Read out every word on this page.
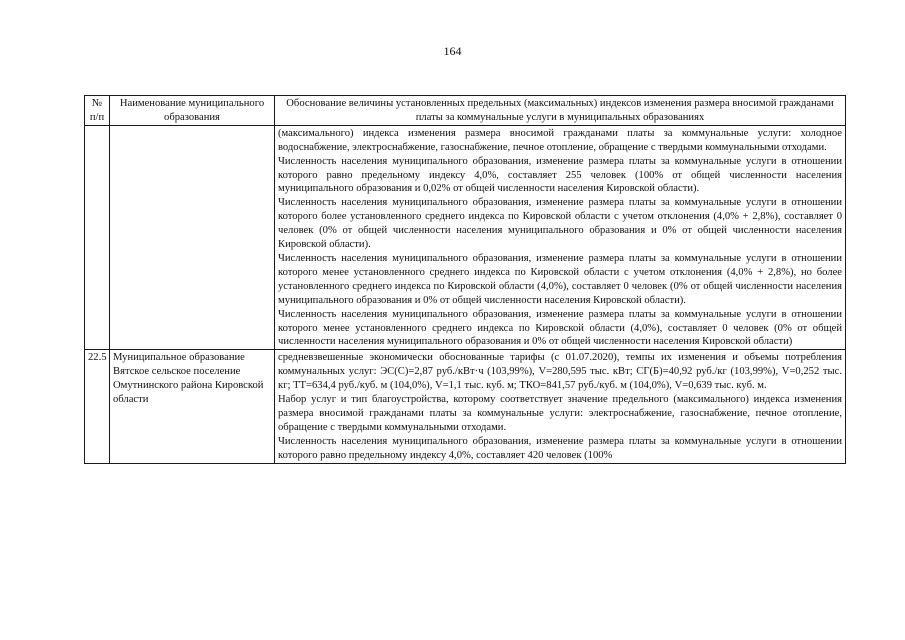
164
№ п/п	Наименование муниципального образования	Обоснование величины установленных предельных (максимальных) индексов изменения размера вносимой гражданами платы за коммунальные услуги в муниципальных образованиях

		(максимального) индекса изменения размера вносимой гражданами платы за коммунальные услуги: холодное водоснабжение, электроснабжение, газоснабжение, печное отопление, обращение с твердыми коммунальными отходами.

Численность населения муниципального образования, изменение размера платы за коммунальные услуги в отношении которого равно предельному индексу 4,0%, составляет 255 человек (100% от общей численности населения муниципального образования и 0,02% от общей численности населения Кировской области).

Численность населения муниципального образования, изменение размера платы за коммунальные услуги в отношении которого более установленного среднего индекса по Кировской области с учетом отклонения (4,0% + 2,8%), составляет 0 человек (0% от общей численности населения муниципального образования и 0% от общей численности населения Кировской области).

Численность населения муниципального образования, изменение размера платы за коммунальные услуги в отношении которого менее установленного среднего индекса по Кировской области с учетом отклонения (4,0% + 2,8%), но более установленного среднего индекса по Кировской области (4,0%), составляет 0 человек (0% от общей численности населения муниципального образования и 0% от общей численности населения Кировской области).

Численность населения муниципального образования, изменение размера платы за коммунальные услуги в отношении которого менее установленного среднего индекса по Кировской области (4,0%), составляет 0 человек (0% от общей численности населения муниципального образования и 0% от общей численности населения Кировской области)

22.5	Муниципальное образование Вятское сельское поселение Омутнинского района Кировской области	средневзвешенные экономически обоснованные тарифы (с 01.07.2020), темпы их изменения и объемы потребления коммунальных услуг: ЭС(С)=2,87 руб./кВт·ч (103,99%), V=280,595 тыс. кВт; СГ(Б)=40,92 руб./кг (103,99%), V=0,252 тыс. кг; ТТ=634,4 руб./куб. м (104,0%), V=1,1 тыс. куб. м; ТКО=841,57 руб./куб. м (104,0%), V=0,639 тыс. куб. м.

Набор услуг и тип благоустройства, которому соответствует значение предельного (максимального) индекса изменения размера вносимой гражданами платы за коммунальные услуги: электроснабжение, газоснабжение, печное отопление, обращение с твердыми коммунальными отходами.

Численность населения муниципального образования, изменение размера платы за коммунальные услуги в отношении которого равно предельному индексу 4,0%, составляет 420 человек (100%
